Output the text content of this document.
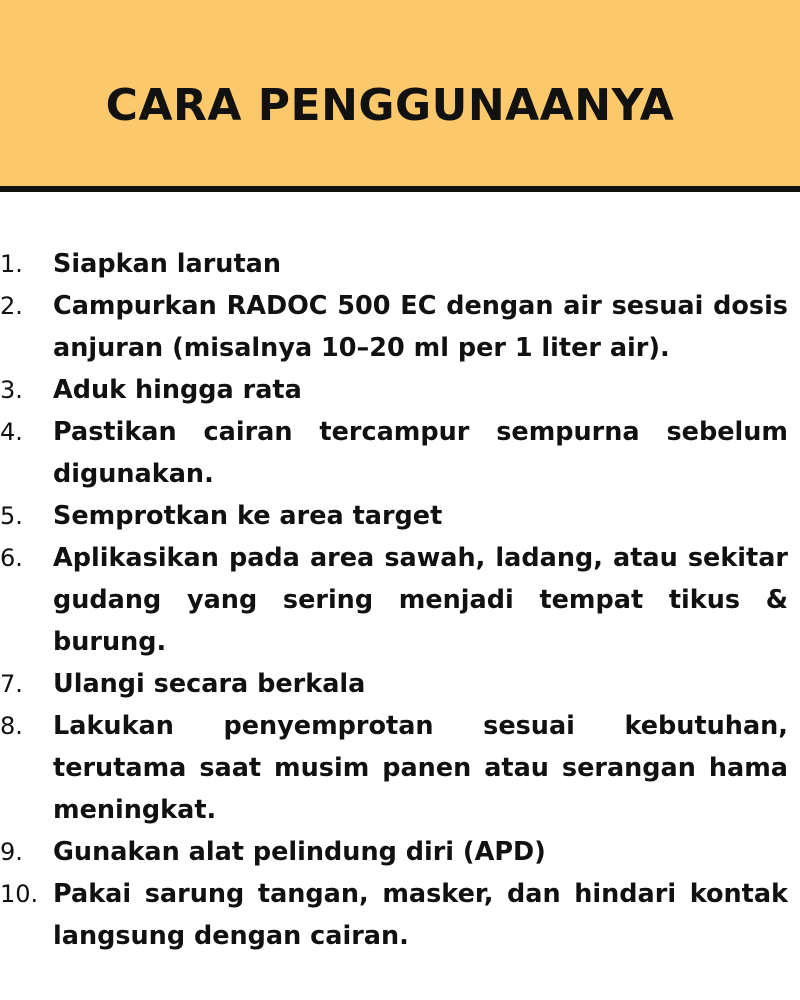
CARA PENGGUNAANYA
1.	Siapkan larutan
2.	Campurkan RADOC 500 EC dengan air sesuai dosis anjuran (misalnya 10–20 ml per 1 liter air).
3.	Aduk hingga rata
4.	Pastikan cairan tercampur sempurna sebelum digunakan.
5.	Semprotkan ke area target
6.	Aplikasikan pada area sawah, ladang, atau sekitar gudang yang sering menjadi tempat tikus & burung.
7.	Ulangi secara berkala
8.	Lakukan penyemprotan sesuai kebutuhan, terutama saat musim panen atau serangan hama meningkat.
9.	Gunakan alat pelindung diri (APD)
10. Pakai sarung tangan, masker, dan hindari kontak langsung dengan cairan.
